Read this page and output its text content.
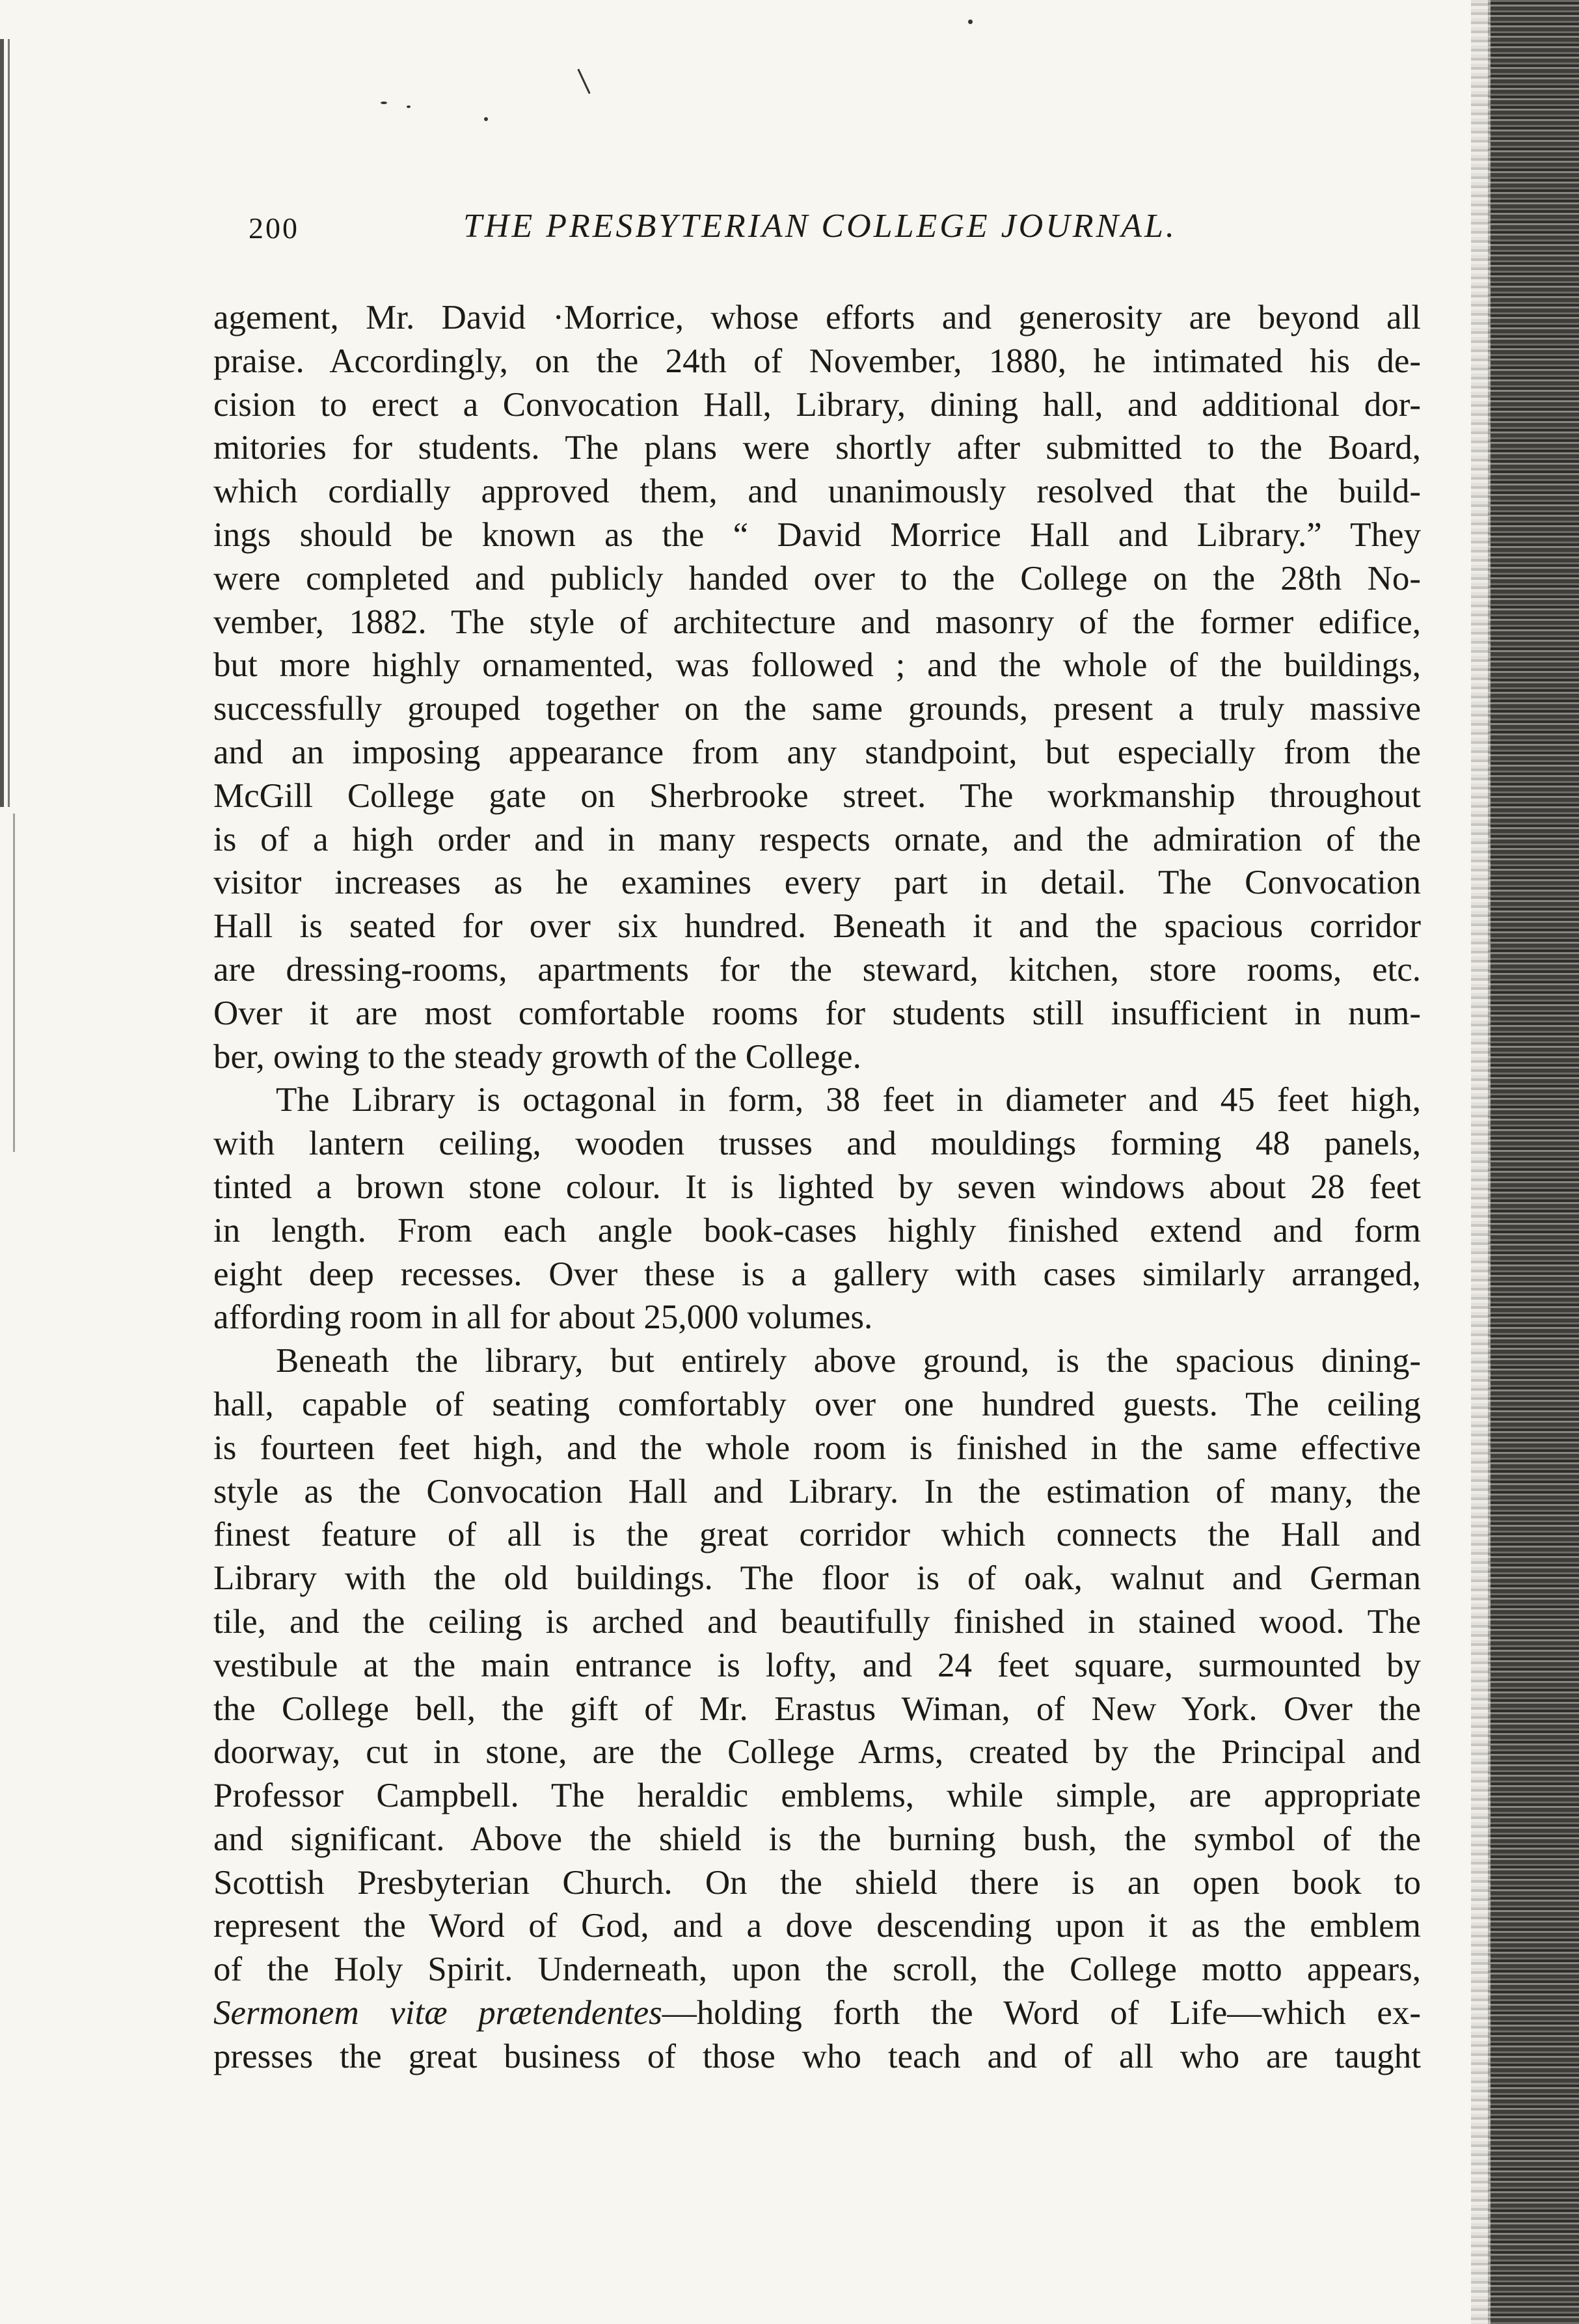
200	THE PRESBYTERIAN COLLEGE JOURNAL.
agement, Mr. David ·Morrice, whose efforts and generosity are beyond all
praise. Accordingly, on the 24th of November, 1880, he intimated his de-
cision to erect a Convocation Hall, Library, dining hall, and additional dor-
mitories for students. The plans were shortly after submitted to the Board,
which cordially approved them, and unanimously resolved that the build-
ings should be known as the “ David Morrice Hall and Library.” They
were completed and publicly handed over to the College on the 28th No-
vember, 1882. The style of architecture and masonry of the former edifice,
but more highly ornamented, was followed ; and the whole of the buildings,
successfully grouped together on the same grounds, present a truly massive
and an imposing appearance from any standpoint, but especially from the
McGill College gate on Sherbrooke street. The workmanship throughout
is of a high order and in many respects ornate, and the admiration of the
visitor increases as he examines every part in detail. The Convocation
Hall is seated for over six hundred. Beneath it and the spacious corridor
are dressing-rooms, apartments for the steward, kitchen, store rooms, etc.
Over it are most comfortable rooms for students still insufficient in num-
ber, owing to the steady growth of the College.
The Library is octagonal in form, 38 feet in diameter and 45 feet high,
with lantern ceiling, wooden trusses and mouldings forming 48 panels,
tinted a brown stone colour. It is lighted by seven windows about 28 feet
in length. From each angle book-cases highly finished extend and form
eight deep recesses. Over these is a gallery with cases similarly arranged,
affording room in all for about 25,000 volumes.
Beneath the library, but entirely above ground, is the spacious dining-
hall, capable of seating comfortably over one hundred guests. The ceiling
is fourteen feet high, and the whole room is finished in the same effective
style as the Convocation Hall and Library. In the estimation of many, the
finest feature of all is the great corridor which connects the Hall and
Library with the old buildings. The floor is of oak, walnut and German
tile, and the ceiling is arched and beautifully finished in stained wood. The
vestibule at the main entrance is lofty, and 24 feet square, surmounted by
the College bell, the gift of Mr. Erastus Wiman, of New York. Over the
doorway, cut in stone, are the College Arms, created by the Principal and
Professor Campbell. The heraldic emblems, while simple, are appropriate
and significant. Above the shield is the burning bush, the symbol of the
Scottish Presbyterian Church. On the shield there is an open book to
represent the Word of God, and a dove descending upon it as the emblem
of the Holy Spirit. Underneath, upon the scroll, the College motto appears,
Sermonem vitæ prætendentes—holding forth the Word of Life—which ex-
presses the great business of those who teach and of all who are taught
